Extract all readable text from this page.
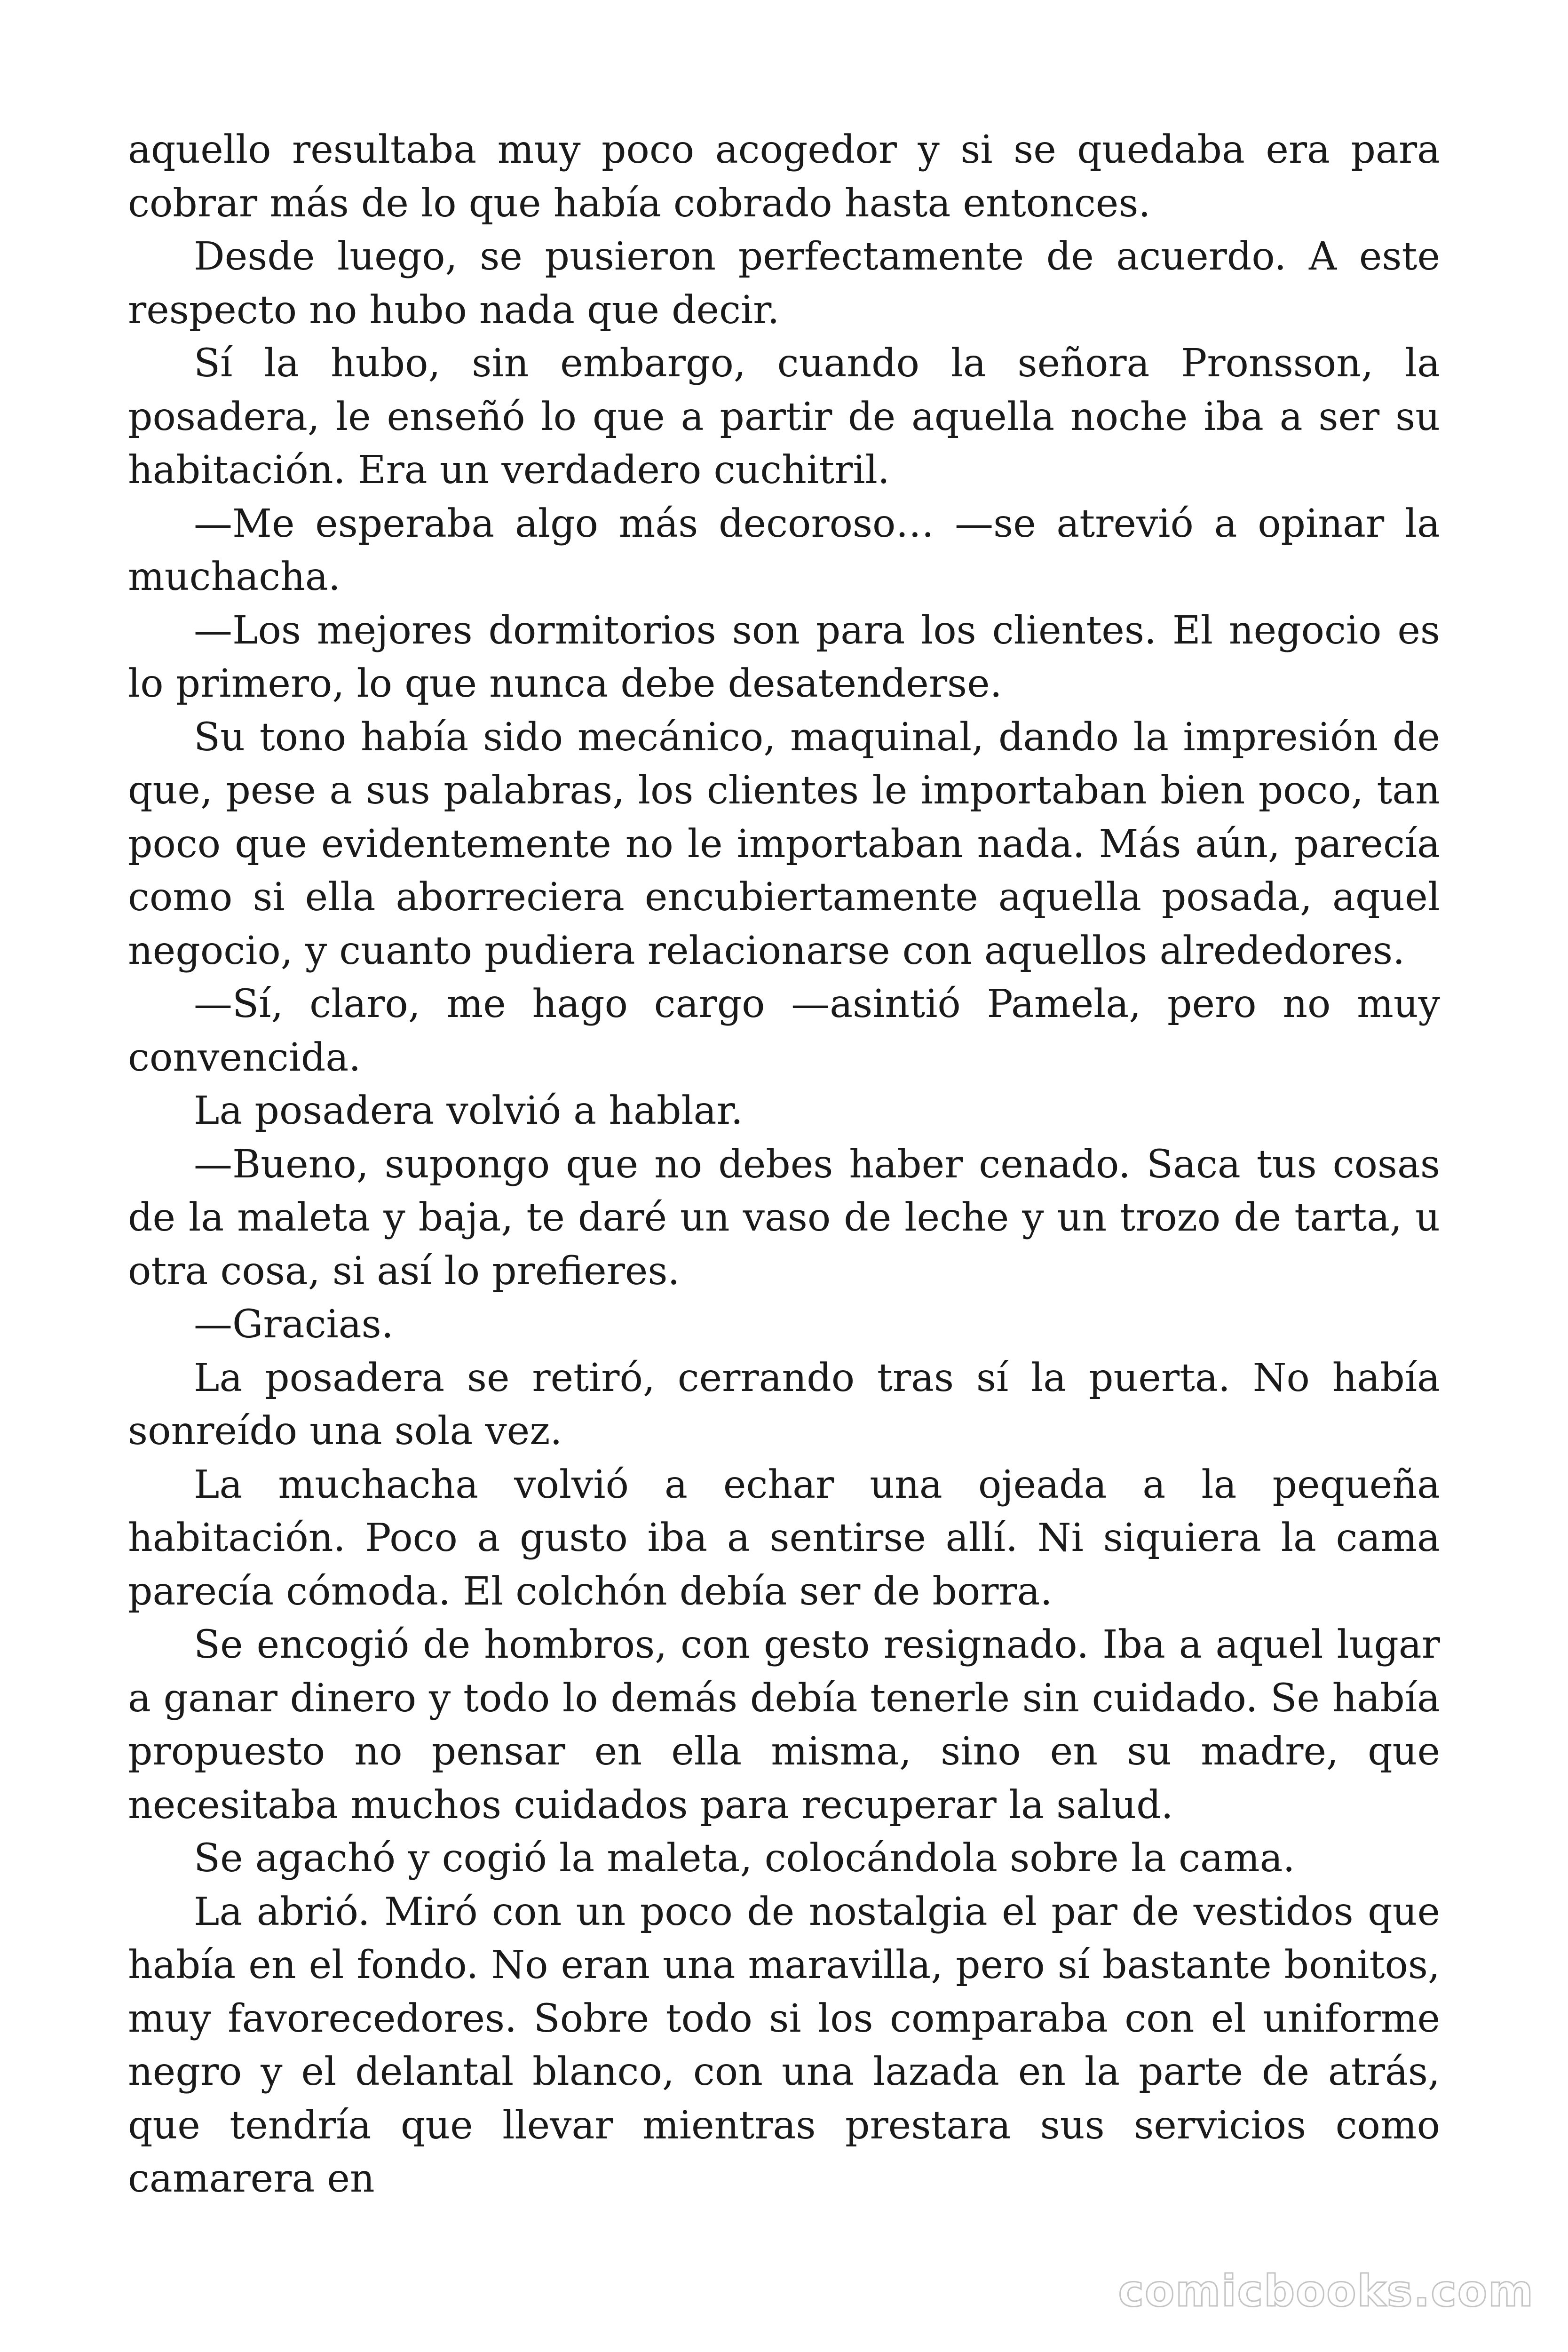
aquello resultaba muy poco acogedor y si se quedaba era para cobrar más de lo que había cobrado hasta entonces.

Desde luego, se pusieron perfectamente de acuerdo. A este respecto no hubo nada que decir.

Sí la hubo, sin embargo, cuando la señora Pronsson, la posadera, le enseñó lo que a partir de aquella noche iba a ser su habitación. Era un verdadero cuchitril.

—Me esperaba algo más decoroso… —se atrevió a opinar la muchacha.

—Los mejores dormitorios son para los clientes. El negocio es lo primero, lo que nunca debe desatenderse.

Su tono había sido mecánico, maquinal, dando la impresión de que, pese a sus palabras, los clientes le importaban bien poco, tan poco que evidentemente no le importaban nada. Más aún, parecía como si ella aborreciera encubiertamente aquella posada, aquel negocio, y cuanto pudiera relacionarse con aquellos alrededores.

—Sí, claro, me hago cargo —asintió Pamela, pero no muy convencida.

La posadera volvió a hablar.

—Bueno, supongo que no debes haber cenado. Saca tus cosas de la maleta y baja, te daré un vaso de leche y un trozo de tarta, u otra cosa, si así lo prefieres.

—Gracias.

La posadera se retiró, cerrando tras sí la puerta. No había sonreído una sola vez.

La muchacha volvió a echar una ojeada a la pequeña habitación. Poco a gusto iba a sentirse allí. Ni siquiera la cama parecía cómoda. El colchón debía ser de borra.

Se encogió de hombros, con gesto resignado. Iba a aquel lugar a ganar dinero y todo lo demás debía tenerle sin cuidado. Se había propuesto no pensar en ella misma, sino en su madre, que necesitaba muchos cuidados para recuperar la salud.

Se agachó y cogió la maleta, colocándola sobre la cama.

La abrió. Miró con un poco de nostalgia el par de vestidos que había en el fondo. No eran una maravilla, pero sí bastante bonitos, muy favorecedores. Sobre todo si los comparaba con el uniforme negro y el delantal blanco, con una lazada en la parte de atrás, que tendría que llevar mientras prestara sus servicios como camarera en

comicbooks.com
